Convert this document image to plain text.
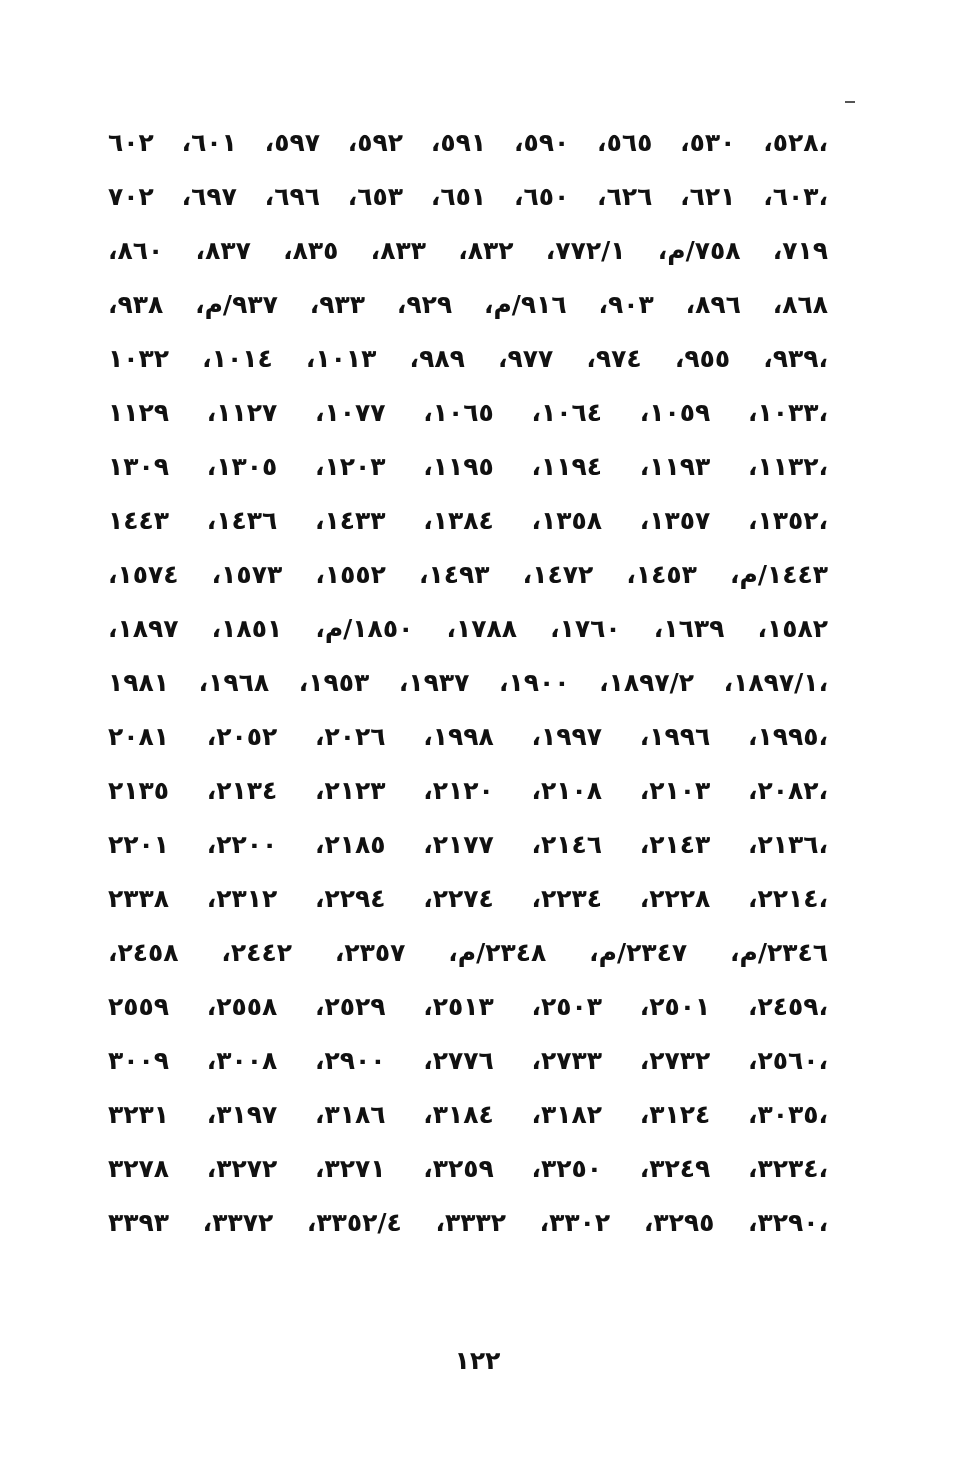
٥٢٨، ٥٣٠، ٥٦٥، ٥٩٠، ٥٩١، ٥٩٢، ٥٩٧، ٦٠١، ٦٠٢،
٦٠٣، ٦٢١، ٦٢٦، ٦٥٠، ٦٥١، ٦٥٣، ٦٩٦، ٦٩٧، ٧٠٢،
٧١٩، ٧٥٨/م، ٧٧٢/١، ٨٣٢، ٨٣٣، ٨٣٥، ٨٣٧، ٨٦٠،
٨٦٨، ٨٩٦، ٩٠٣، ٩١٦/م، ٩٢٩، ٩٣٣، ٩٣٧/م، ٩٣٨،
٩٣٩، ٩٥٥، ٩٧٤، ٩٧٧، ٩٨٩، ١٠١٣، ١٠١٤، ١٠٣٢،
١٠٣٣، ١٠٥٩، ١٠٦٤، ١٠٦٥، ١٠٧٧، ١١٢٧، ١١٢٩،
١١٣٢، ١١٩٣، ١١٩٤، ١١٩٥، ١٢٠٣، ١٣٠٥، ١٣٠٩،
١٣٥٢، ١٣٥٧، ١٣٥٨، ١٣٨٤، ١٤٣٣، ١٤٣٦، ١٤٤٣،
١٤٤٣/م، ١٤٥٣، ١٤٧٢، ١٤٩٣، ١٥٥٢، ١٥٧٣، ١٥٧٤،
١٥٨٢، ١٦٣٩، ١٧٦٠، ١٧٨٨، ١٨٥٠/م، ١٨٥١، ١٨٩٧،
١٨٩٧/١، ١٨٩٧/٢، ١٩٠٠، ١٩٣٧، ١٩٥٣، ١٩٦٨، ١٩٨١،
١٩٩٥، ١٩٩٦، ١٩٩٧، ١٩٩٨، ٢٠٢٦، ٢٠٥٢، ٢٠٨١،
٢٠٨٢، ٢١٠٣، ٢١٠٨، ٢١٢٠، ٢١٢٣، ٢١٣٤، ٢١٣٥،
٢١٣٦، ٢١٤٣، ٢١٤٦، ٢١٧٧، ٢١٨٥، ٢٢٠٠، ٢٢٠١،
٢٢١٤، ٢٢٢٨، ٢٢٣٤، ٢٢٧٤، ٢٢٩٤، ٢٣١٢، ٢٣٣٨،
٢٣٤٦/م، ٢٣٤٧/م، ٢٣٤٨/م، ٢٣٥٧، ٢٤٤٢، ٢٤٥٨،
٢٤٥٩، ٢٥٠١، ٢٥٠٣، ٢٥١٣، ٢٥٢٩، ٢٥٥٨، ٢٥٥٩،
٢٥٦٠، ٢٧٣٢، ٢٧٣٣، ٢٧٧٦، ٢٩٠٠، ٣٠٠٨، ٣٠٠٩،
٣٠٣٥، ٣١٢٤، ٣١٨٢، ٣١٨٤، ٣١٨٦، ٣١٩٧، ٣٢٣١،
٣٢٣٤، ٣٢٤٩، ٣٢٥٠، ٣٢٥٩، ٣٢٧١، ٣٢٧٢، ٣٢٧٨،
٣٢٩٠، ٣٢٩٥، ٣٣٠٢، ٣٣٣٢، ٣٣٥٢/٤، ٣٣٧٢، ٣٣٩٣،
١٢٢
